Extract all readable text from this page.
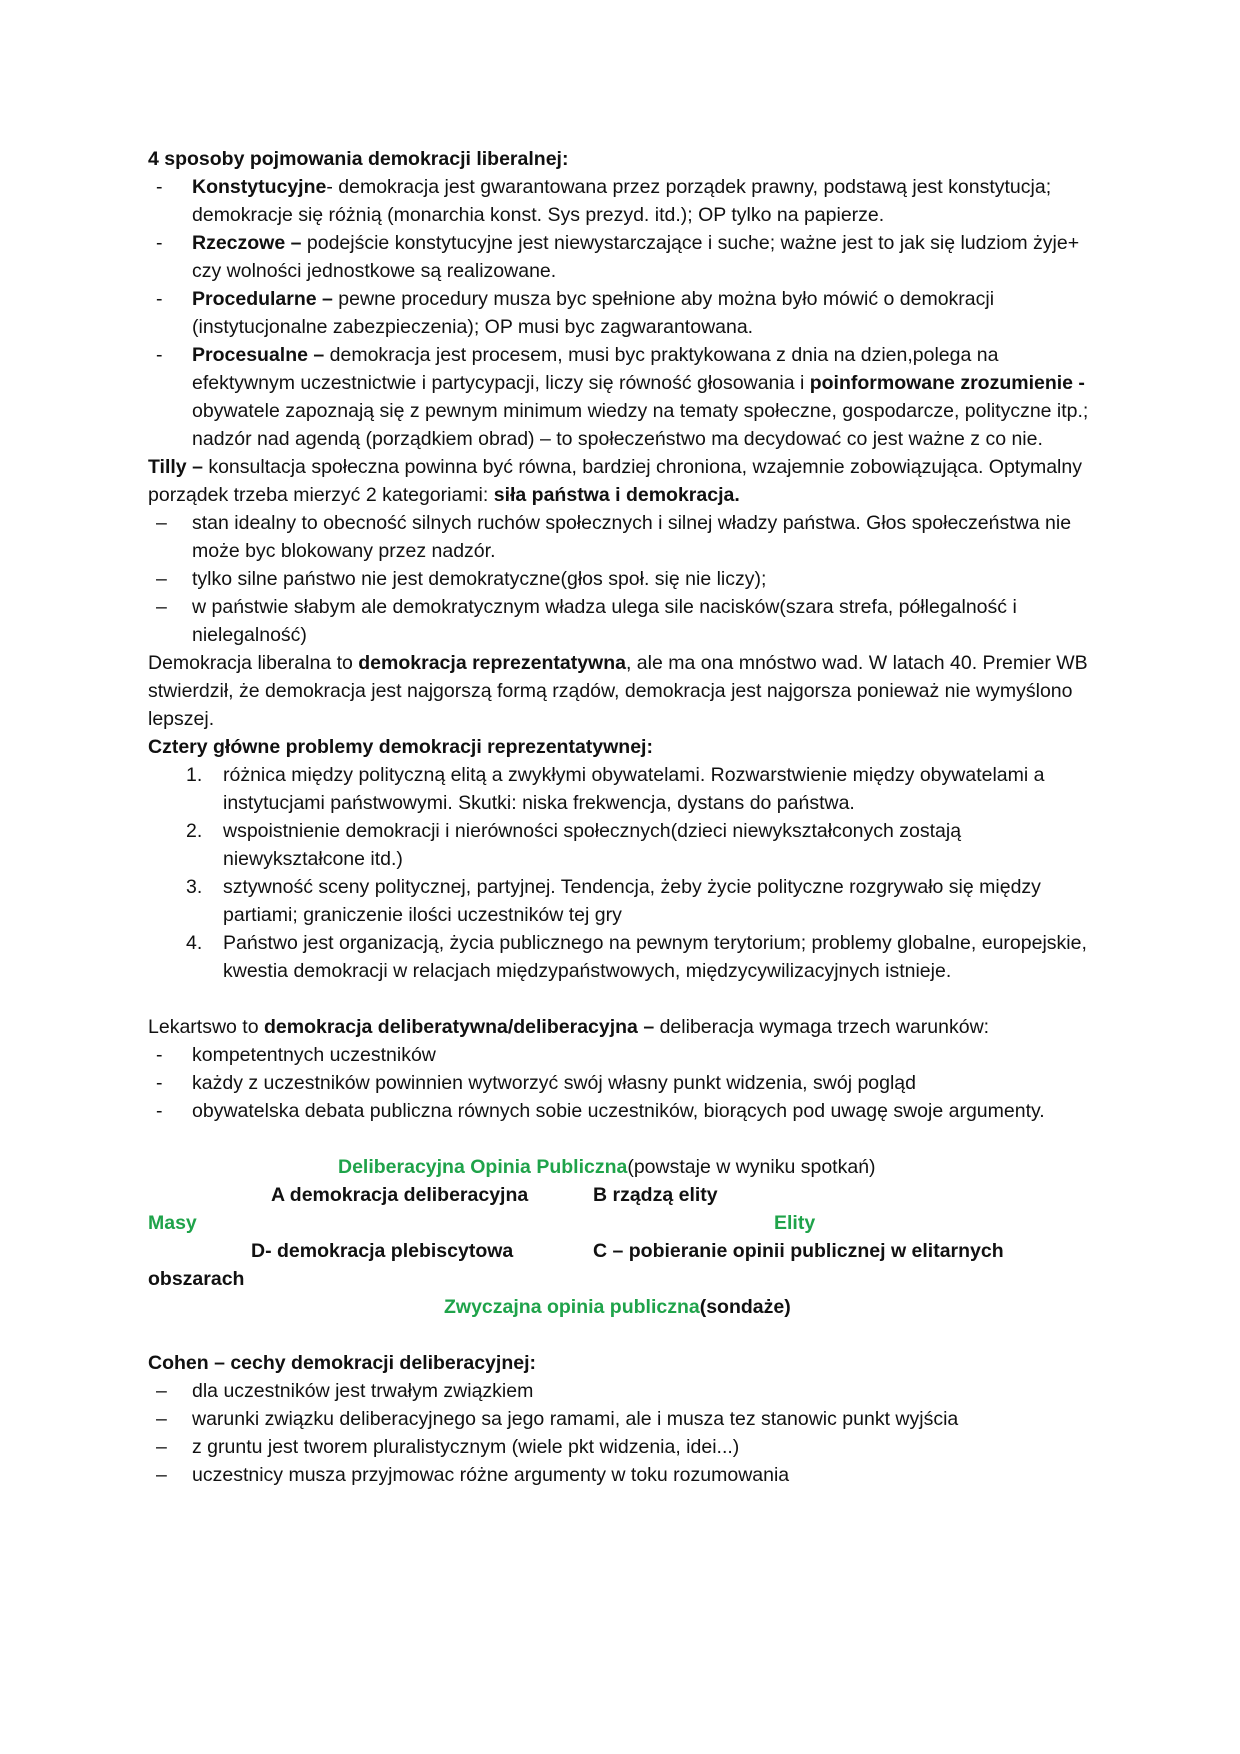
4 sposoby pojmowania demokracji liberalnej:

- Konstytucyjne- demokracja jest gwarantowana przez porządek prawny, podstawą jest konstytucja; demokracje się różnią (monarchia konst. Sys prezyd. itd.); OP tylko na papierze.
- Rzeczowe – podejście konstytucyjne jest niewystarczające i suche; ważne jest to jak się ludziom żyje+ czy wolności jednostkowe są realizowane.
- Procedularne – pewne procedury musza byc spełnione aby można było mówić o demokracji (instytucjonalne zabezpieczenia); OP musi byc zagwarantowana.
- Procesualne – demokracja jest procesem, musi byc praktykowana z dnia na dzien,polega na efektywnym uczestnictwie i partycypacji, liczy się równość głosowania i poinformowane zrozumienie - obywatele zapoznają się z pewnym minimum wiedzy na tematy społeczne, gospodarcze, polityczne itp.; nadzór nad agendą (porządkiem obrad) – to społeczeństwo ma decydować co jest ważne z co nie.

Tilly – konsultacja społeczna powinna być równa, bardziej chroniona, wzajemnie zobowiązująca. Optymalny porządek trzeba mierzyć 2 kategoriami: siła państwa i demokracja.

– stan idealny to obecność silnych ruchów społecznych i silnej władzy państwa. Głos społeczeństwa nie może byc blokowany przez nadzór.
– tylko silne państwo nie jest demokratyczne(głos społ. się nie liczy);
– w państwie słabym ale demokratycznym władza ulega sile nacisków(szara strefa, półlegalność i nielegalność)

Demokracja liberalna to demokracja reprezentatywna, ale ma ona mnóstwo wad. W latach 40. Premier WB stwierdził, że demokracja jest najgorszą formą rządów, demokracja jest najgorsza ponieważ nie wymyślono lepszej.

Cztery główne problemy demokracji reprezentatywnej:

1. różnica między polityczną elitą a zwykłymi obywatelami. Rozwarstwienie między obywatelami a instytucjami państwowymi. Skutki: niska frekwencja, dystans do państwa.
2. wspoistnienie demokracji i nierówności społecznych(dzieci niewykształconych zostają niewykształcone itd.)
3. sztywność sceny politycznej, partyjnej. Tendencja, żeby życie polityczne rozgrywało się między partiami; graniczenie ilości uczestników tej gry
4. Państwo jest organizacją, życia publicznego na pewnym terytorium; problemy globalne, europejskie, kwestia demokracji w relacjach międzypaństwowych, międzycywilizacyjnych istnieje.

Lekartswo to demokracja deliberatywna/deliberacyjna – deliberacja wymaga trzech warunków:

- kompetentnych uczestników
- każdy z uczestników powinnien wytworzyć swój własny punkt widzenia, swój pogląd
- obywatelska debata publiczna równych sobie uczestników, biorących pod uwagę swoje argumenty.
Deliberacyjna Opinia Publiczna(powstaje w wyniku spotkań)
A demokracja deliberacyjna	B rządzą elity
Masy	Elity
D- demokracja plebiscytowa	C – pobieranie opinii publicznej w elitarnych
obszarach
Zwyczajna opinia publiczna(sondaże)

Cohen – cechy demokracji deliberacyjnej:

– dla uczestników jest trwałym związkiem
– warunki związku deliberacyjnego sa jego ramami, ale i musza tez stanowic punkt wyjścia
– z gruntu jest tworem pluralistycznym (wiele pkt widzenia, idei...)
– uczestnicy musza przyjmowac różne argumenty w toku rozumowania
